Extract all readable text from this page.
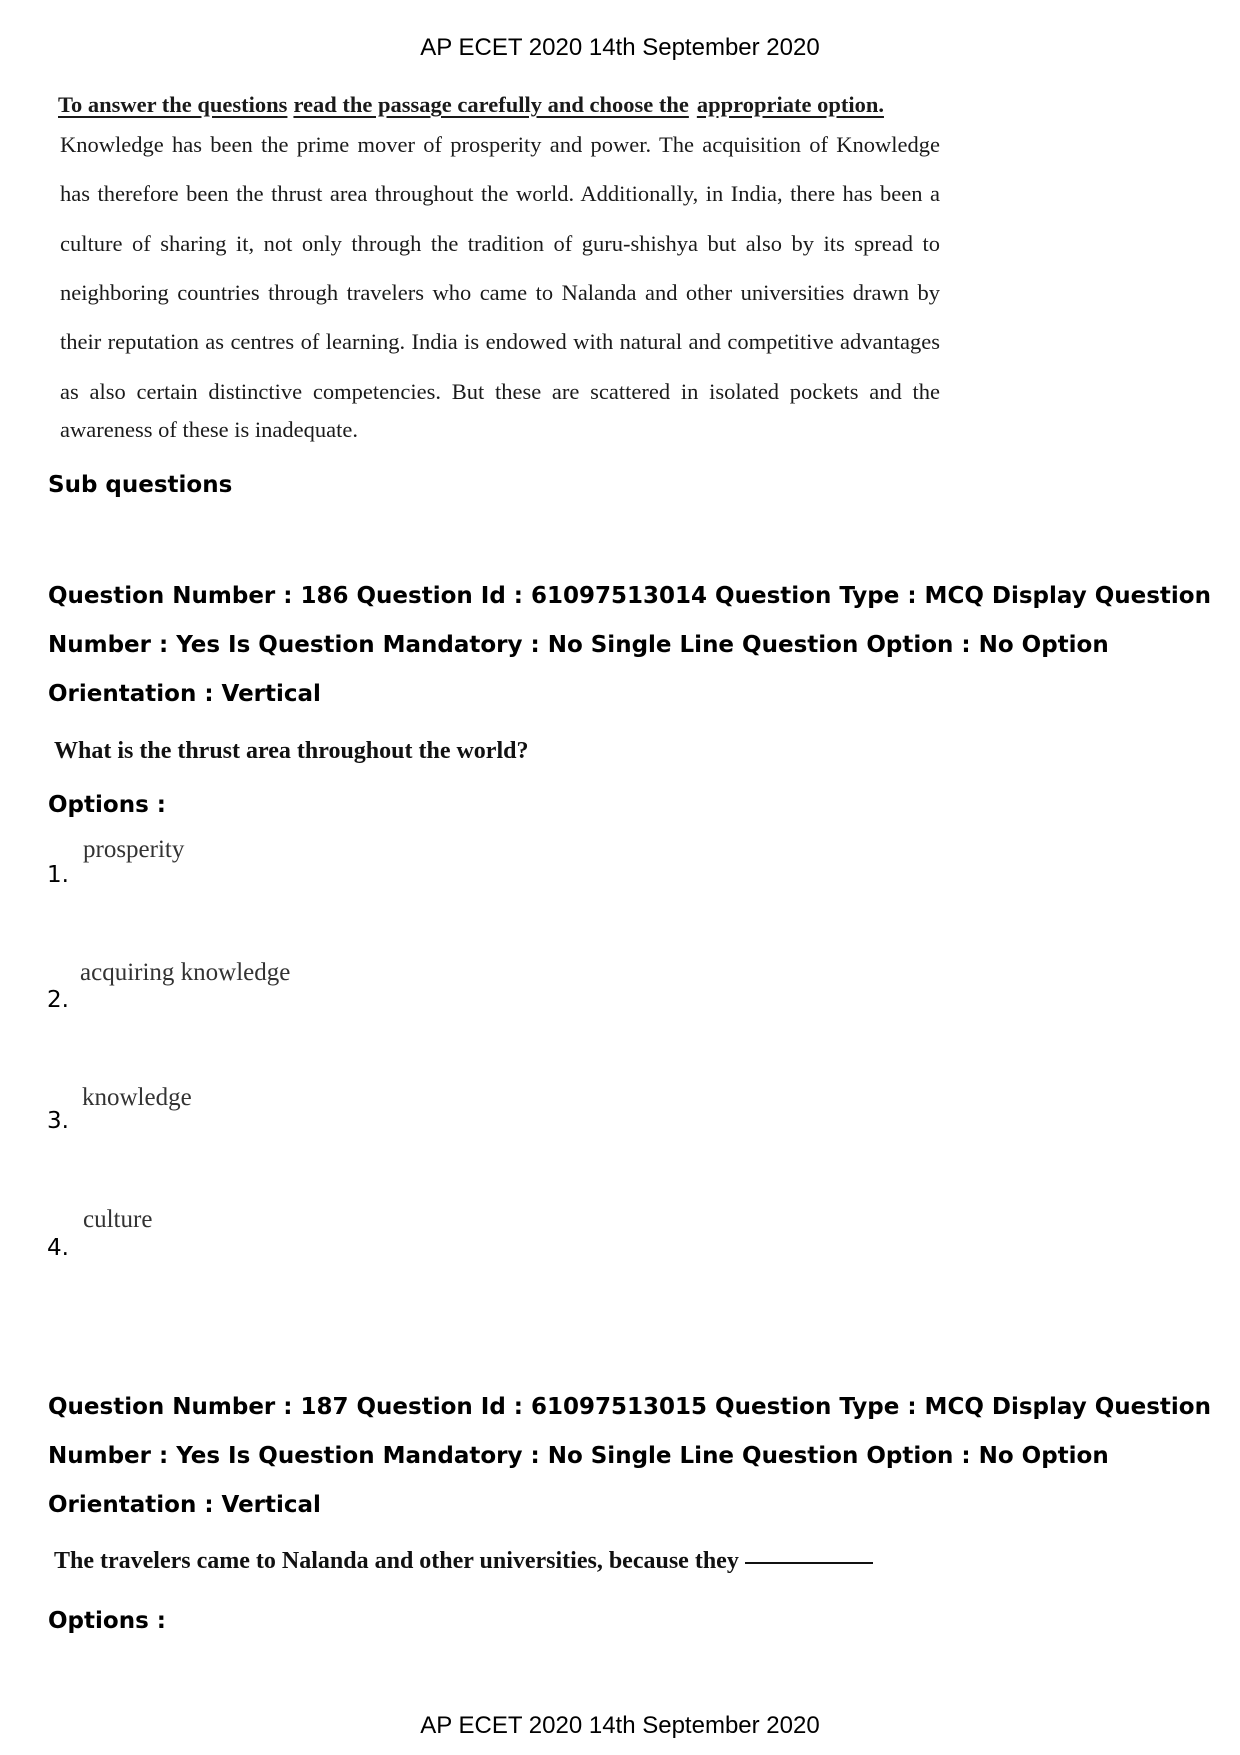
AP ECET 2020 14th September 2020
To answer the questions read the passage carefully and choose the appropriate option.
Knowledge has been the prime mover of prosperity and power. The acquisition of Knowledge
has therefore been the thrust area throughout the world. Additionally, in India, there has been a
culture of sharing it, not only through the tradition of guru-shishya but also by its spread to
neighboring countries through travelers who came to Nalanda and other universities drawn by
their reputation as centres of learning. India is endowed with natural and competitive advantages
as also certain distinctive competencies. But these are scattered in isolated pockets and the
awareness of these is inadequate.
Sub questions
Question Number : 186 Question Id : 61097513014 Question Type : MCQ Display Question
Number : Yes Is Question Mandatory : No Single Line Question Option : No Option
Orientation : Vertical
What is the thrust area throughout the world?
Options :
1.
prosperity
2.
acquiring knowledge
3.
knowledge
4.
culture
Question Number : 187 Question Id : 61097513015 Question Type : MCQ Display Question
Number : Yes Is Question Mandatory : No Single Line Question Option : No Option
Orientation : Vertical
The travelers came to Nalanda and other universities, because they
Options :
AP ECET 2020 14th September 2020
